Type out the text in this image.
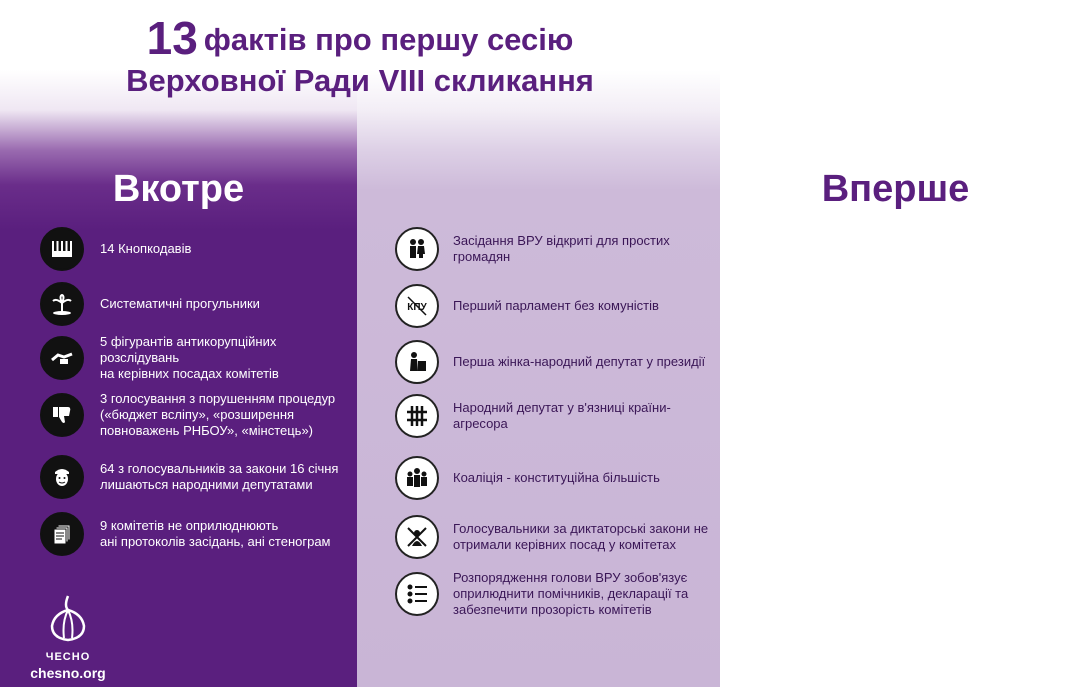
Вкотре
14 Кнопкодавів
Систематичні прогульники
5 фігурантів антикорупційних розслідувань
на керівних посадах комітетів
3 голосування з порушенням процедур
(«бюджет всліпу», «розширення
повноважень РНБОУ», «мінстець»)
64 з голосувальників за закони 16 січня
лишаються народними депутатами
9 комітетів не оприлюднюють
ані протоколів засідань, ані стенограм
ЧЕСНО
chesno.org
Вперше
Засідання ВРУ відкриті для простих
громадян
КПУ Перший парламент без комуністів
Перша жінка-народний депутат у президії
Народний депутат у в'язниці країни-агресора
Коаліція - конституційна більшість
Голосувальники за диктаторські закони не
отримали керівних посад у комітетах
Розпорядження голови ВРУ зобов'язує
оприлюднити помічників, декларації та
забезпечити прозорість комітетів
13 фактів про першу сесію
Верховної Ради VIII скликання
